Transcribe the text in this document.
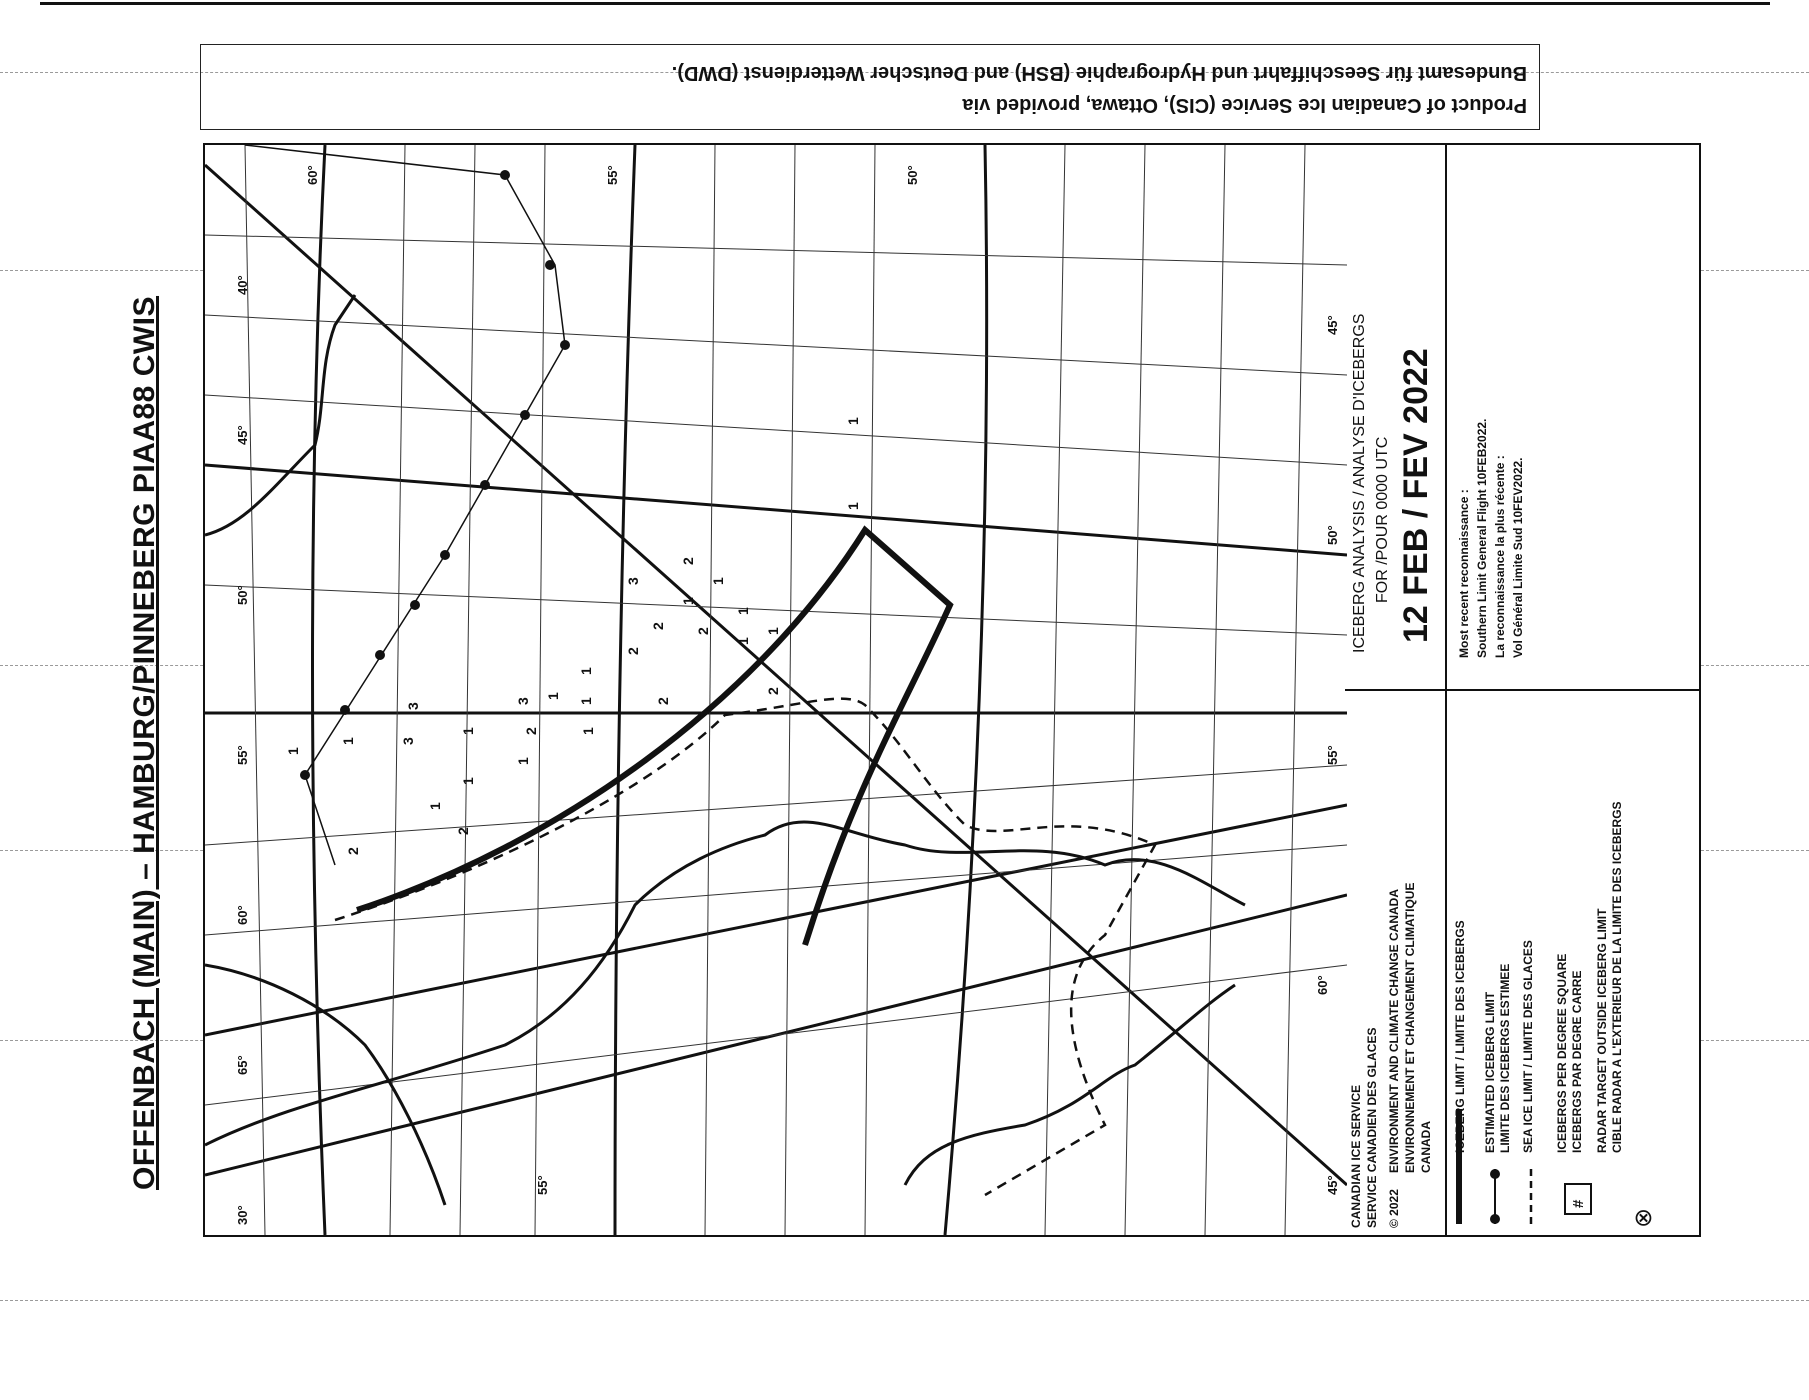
OFFENBACH (MAIN) – HAMBURG/PINNEBERG PIAA88 CWIS
Product of Canadian Ice Service (CIS), Ottawa, provided via
Bundesamt für Seeschiffahrt und Hydrographie (BSH) and Deutscher Wetterdienst (DWD).
30°
65°
60°
55°
50°
45°
40°
60°	55°	50°
45°
50°
55°
60°
55°	45°
1
1	3
3
1	2	1
1
2
1
3
1
1
1
1
2
2
2
1
1
1
2
3
1
1
2
1
2
2
1	ICEBERG ANALYSIS / ANALYSE D'ICEBERGS FOR /POUR 0000 UTC 12 FEB / FEV 2022 Most recent reconnaissance : Southern Limit General Flight 10FEB2022. La reconnaissance la plus récente : Vol Général Limite Sud 10FEV2022.
CANADIAN ICE SERVICE SERVICE CANADIEN DES GLACES © 2022
ENVIRONMENT AND CLIMATE CHANGE CANADA ENVIRONNEMENT ET CHANGEMENT CLIMATIQUE CANADA
#
⊗
ICEBERG LIMIT / LIMITE DES ICEBERGS ESTIMATED ICEBERG LIMIT LIMITE DES ICEBERGS ESTIMEE SEA ICE LIMIT / LIMITE DES GLACES ICEBERGS PER DEGREE SQUARE ICEBERGS PAR DEGRE CARRE RADAR TARGET OUTSIDE ICEBERG LIMIT CIBLE RADAR A L'EXTERIEUR DE LA LIMITE DES ICEBERGS
